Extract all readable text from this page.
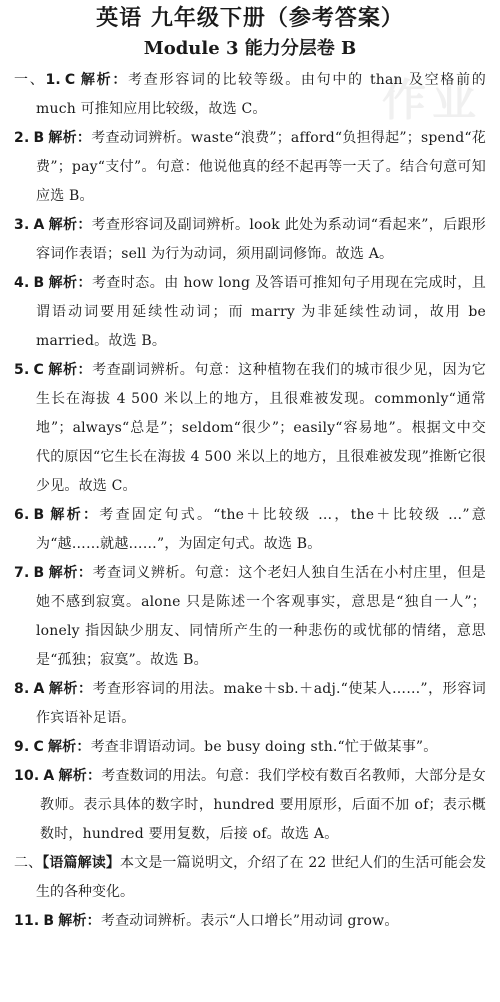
作业
英语 九年级下册（参考答案）
Module 3 能力分层卷 B

一、1. C 解析：考查形容词的比较等级。由句中的 than 及空格前的 much 可推知应用比较级，故选 C。

2. B 解析：考查动词辨析。waste“浪费”；afford“负担得起”；spend“花费”；pay“支付”。句意：他说他真的经不起再等一天了。结合句意可知应选 B。

3. A 解析：考查形容词及副词辨析。look 此处为系动词“看起来”，后跟形容词作表语；sell 为行为动词，须用副词修饰。故选 A。

4. B 解析：考查时态。由 how long 及答语可推知句子用现在完成时，且谓语动词要用延续性动词；而 marry 为非延续性动词，故用 be married。故选 B。

5. C 解析：考查副词辨析。句意：这种植物在我们的城市很少见，因为它生长在海拔 4 500 米以上的地方，且很难被发现。commonly“通常地”；always“总是”；seldom“很少”；easily“容易地”。根据文中交代的原因“它生长在海拔 4 500 米以上的地方，且很难被发现”推断它很少见。故选 C。

6. B 解析：考查固定句式。“the＋比较级 …，the＋比较级 …”意为“越……就越……”，为固定句式。故选 B。

7. B 解析：考查词义辨析。句意：这个老妇人独自生活在小村庄里，但是她不感到寂寞。alone 只是陈述一个客观事实，意思是“独自一人”；lonely 指因缺少朋友、同情所产生的一种悲伤的或忧郁的情绪，意思是“孤独；寂寞”。故选 B。

8. A 解析：考查形容词的用法。make＋sb.＋adj.“使某人……”，形容词作宾语补足语。

9. C 解析：考查非谓语动词。be busy doing sth.“忙于做某事”。

10. A 解析：考查数词的用法。句意：我们学校有数百名教师，大部分是女教师。表示具体的数字时，hundred 要用原形，后面不加 of；表示概数时，hundred 要用复数，后接 of。故选 A。

二、【语篇解读】本文是一篇说明文，介绍了在 22 世纪人们的生活可能会发生的各种变化。

11. B 解析：考查动词辨析。表示“人口增长”用动词 grow。
